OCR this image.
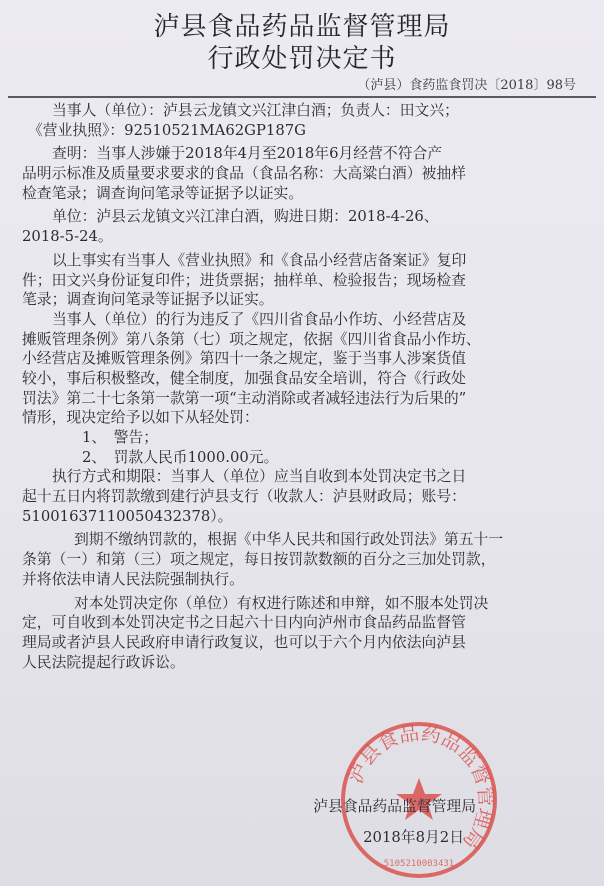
泸县食品药品监督管理局
行政处罚决定书
（泸县）食药监食罚决〔2018〕98号
当事人（单位）：泸县云龙镇文兴江津白酒；负责人：田文兴；
《营业执照》：92510521MA62GP187G
查明：当事人涉嫌于2018年4月至2018年6月经营不符合产
品明示标准及质量要求要求的食品（食品名称：大高粱白酒）被抽样
检查笔录；调查询问笔录等证据予以证实。
单位：泸县云龙镇文兴江津白酒，购进日期：2018-4-26、
2018-5-24。
以上事实有当事人《营业执照》和《食品小经营店备案证》复印
件；田文兴身份证复印件；进货票据；抽样单、检验报告；现场检查
笔录；调查询问笔录等证据予以证实。
当事人（单位）的行为违反了《四川省食品小作坊、小经营店及
摊贩管理条例》第八条第（七）项之规定，依据《四川省食品小作坊、
小经营店及摊贩管理条例》第四十一条之规定，鉴于当事人涉案货值
较小，事后积极整改，健全制度，加强食品安全培训，符合《行政处
罚法》第二十七条第一款第一项“主动消除或者减轻违法行为后果的”
情形，现决定给予以如下从轻处罚：
1、　警告；
2、　罚款人民币1000.00元。
执行方式和期限：当事人（单位）应当自收到本处罚决定书之日
起十五日内将罚款缴到建行泸县支行（收款人：泸县财政局；账号：
51001637110050432378）。
到期不缴纳罚款的，根据《中华人民共和国行政处罚法》第五十一
条第（一）和第（三）项之规定，每日按罚款数额的百分之三加处罚款，
并将依法申请人民法院强制执行。
对本处罚决定你（单位）有权进行陈述和申辩，如不服本处罚决
定，可自收到本处罚决定书之日起六十日内向泸州市食品药品监督管
理局或者泸县人民政府申请行政复议，也可以于六个月内依法向泸县
人民法院提起行政诉讼。
泸县食品药品监督管理局
5105210003431
泸县食品药品监督管理局
2018年8月2日
